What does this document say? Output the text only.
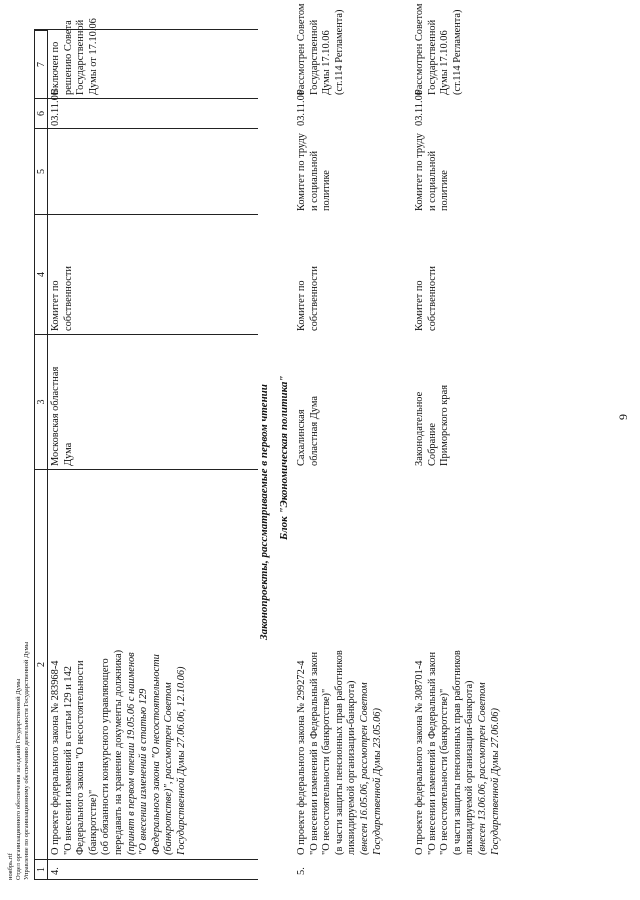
9
1
2
3
4
5
6
7
4.
О проекте федерального закона № 283968-4 "О внесении изменений в статьи 129 и 142 Федерального закона "О несостоятельности (банкротстве)" (об обязанности конкурсного управляющего передавать на хранение документы должника) (принят в первом чтении 19.05.06 с наименов "О внесении изменений в статью 129 Федерального закона "О несостоятельности (банкротстве)", рассмотрен Советом Государственной Думы 27.06.06, 12.10.06)
Московская областная Дума
Комитет по собственности
03.11.06
Включен по решению Совета Государственной Думы от 17.10.06
Законопроекты, рассматриваемые в первом чтении Блок "Экономическая политика"
5.
О проекте федерального закона № 299272-4 "О внесении изменений в Федеральный закон "О несостоятельности (банкротстве)" (в части защиты пенсионных прав работников ликвидируемой организации-банкрота) (внесен 16.05.06, рассмотрен Советом Государственной Думы 23.05.06)
Сахалинская областная Дума
Комитет по собственности
Комитет по труду и социальной политике
03.11.06
Рассмотрен Советом Государственной Думы 17.10.06 (ст.114 Регламента)
О проекте федерального закона № 308701-4 "О внесении изменений в Федеральный закон "О несостоятельности (банкротстве)" (в части защиты пенсионных прав работников ликвидируемой организации-банкрота) (внесен 13.06.06, рассмотрен Советом Государственной Думы 27.06.06)
Законодательное Собрание Приморского края
Комитет по собственности
Комитет по труду и социальной политике
03.11.06
Рассмотрен Советом Государственной Думы 17.10.06 (ст.114 Регламента)
ноябрь.rtf Отдел организационного обеспечения заседаний Государственной Думы Управление по организационному обеспечению деятельности Государственной Думы
